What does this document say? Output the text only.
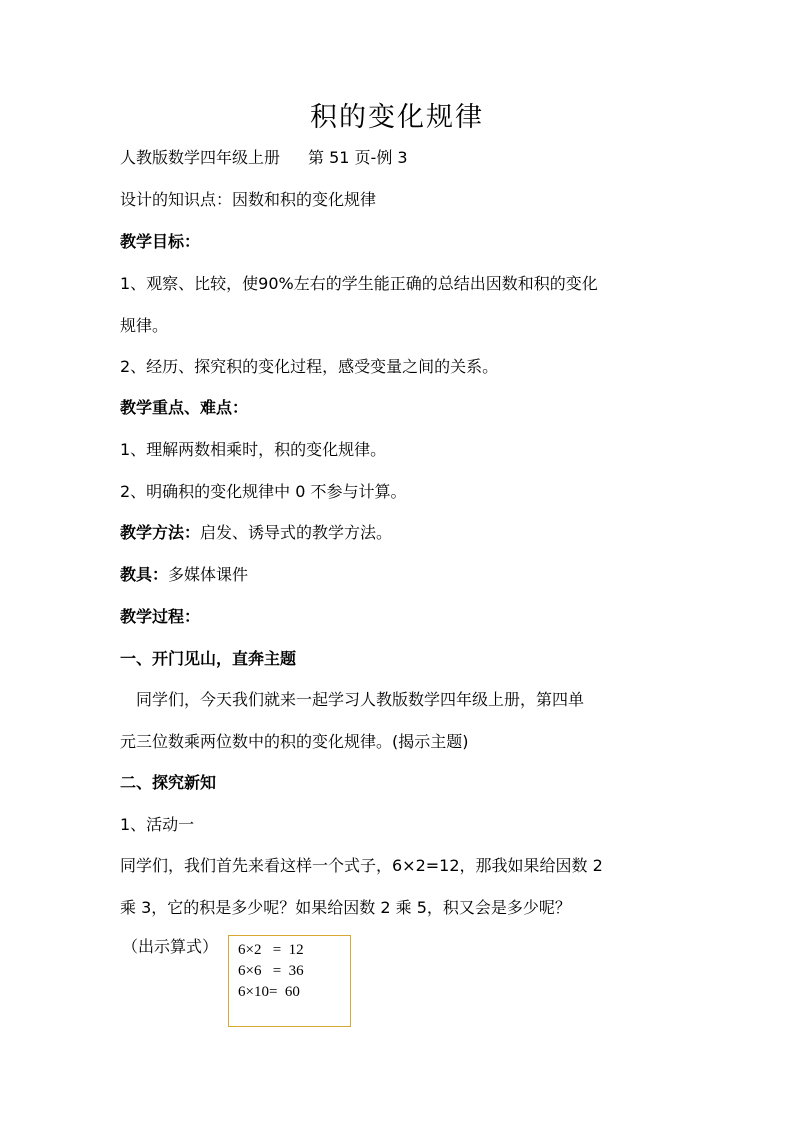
积的变化规律
人教版数学四年级上册 第 51 页-例 3
设计的知识点：因数和积的变化规律
教学目标：
1、观察、比较，使90%左右的学生能正确的总结出因数和积的变化
规律。
2、经历、探究积的变化过程，感受变量之间的关系。
教学重点、难点：
1、理解两数相乘时，积的变化规律。
2、明确积的变化规律中 0 不参与计算。
教学方法：启发、诱导式的教学方法。
教具：多媒体课件
教学过程：
一、开门见山，直奔主题
　同学们，今天我们就来一起学习人教版数学四年级上册，第四单
元三位数乘两位数中的积的变化规律。(揭示主题)
二、探究新知
1、活动一
同学们，我们首先来看这样一个式子，6×2=12，那我如果给因数 2
乘 3，它的积是多少呢？如果给因数 2 乘 5，积又会是多少呢？
（出示算式） 6×2   =  12
6×6   =  36
6×10=  60
